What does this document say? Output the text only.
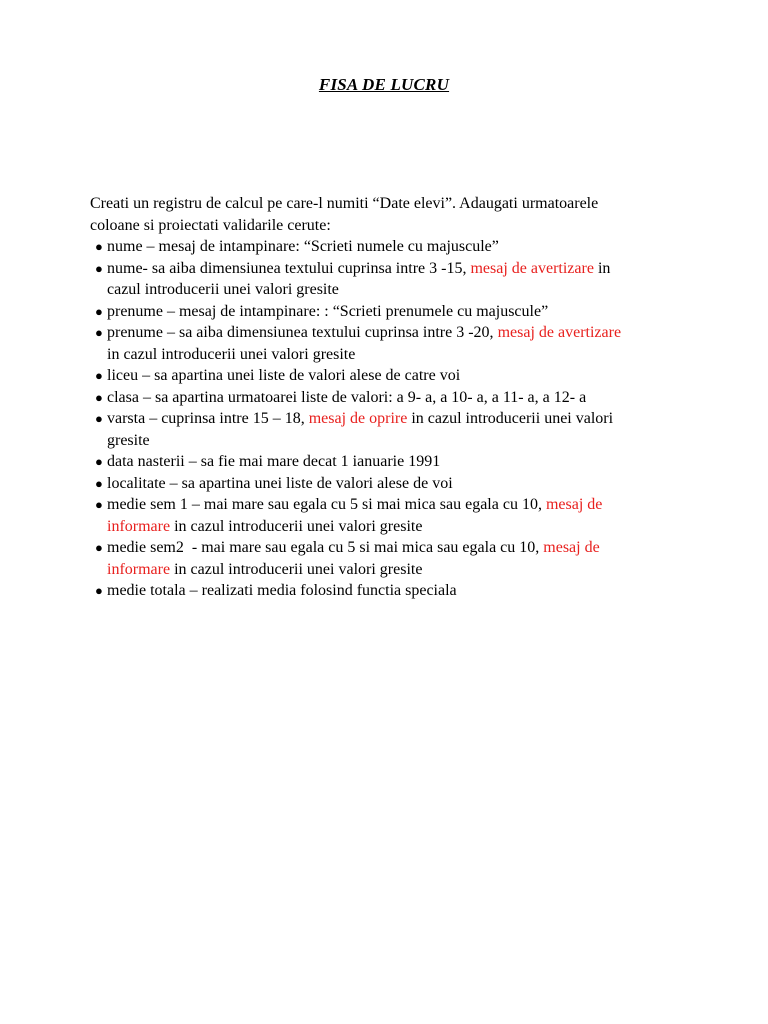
FISA DE LUCRU

Creati un registru de calcul pe care-l numiti “Date elevi”. Adaugati urmatoarele

coloane si proiectati validarile cerute:

● nume – mesaj de intampinare: “Scrieti numele cu majuscule”
● nume- sa aiba dimensiunea textului cuprinsa intre 3 -15, mesaj de avertizare in
cazul introducerii unei valori gresite
● prenume – mesaj de intampinare: : “Scrieti prenumele cu majuscule”
● prenume – sa aiba dimensiunea textului cuprinsa intre 3 -20, mesaj de avertizare
in cazul introducerii unei valori gresite
● liceu – sa apartina unei liste de valori alese de catre voi
● clasa – sa apartina urmatoarei liste de valori: a 9- a, a 10- a, a 11- a, a 12- a
● varsta – cuprinsa intre 15 – 18, mesaj de oprire in cazul introducerii unei valori
gresite
● data nasterii – sa fie mai mare decat 1 ianuarie 1991
● localitate – sa apartina unei liste de valori alese de voi
● medie sem 1 – mai mare sau egala cu 5 si mai mica sau egala cu 10, mesaj de
informare in cazul introducerii unei valori gresite
● medie sem2  - mai mare sau egala cu 5 si mai mica sau egala cu 10, mesaj de
informare in cazul introducerii unei valori gresite
● medie totala – realizati media folosind functia speciala
